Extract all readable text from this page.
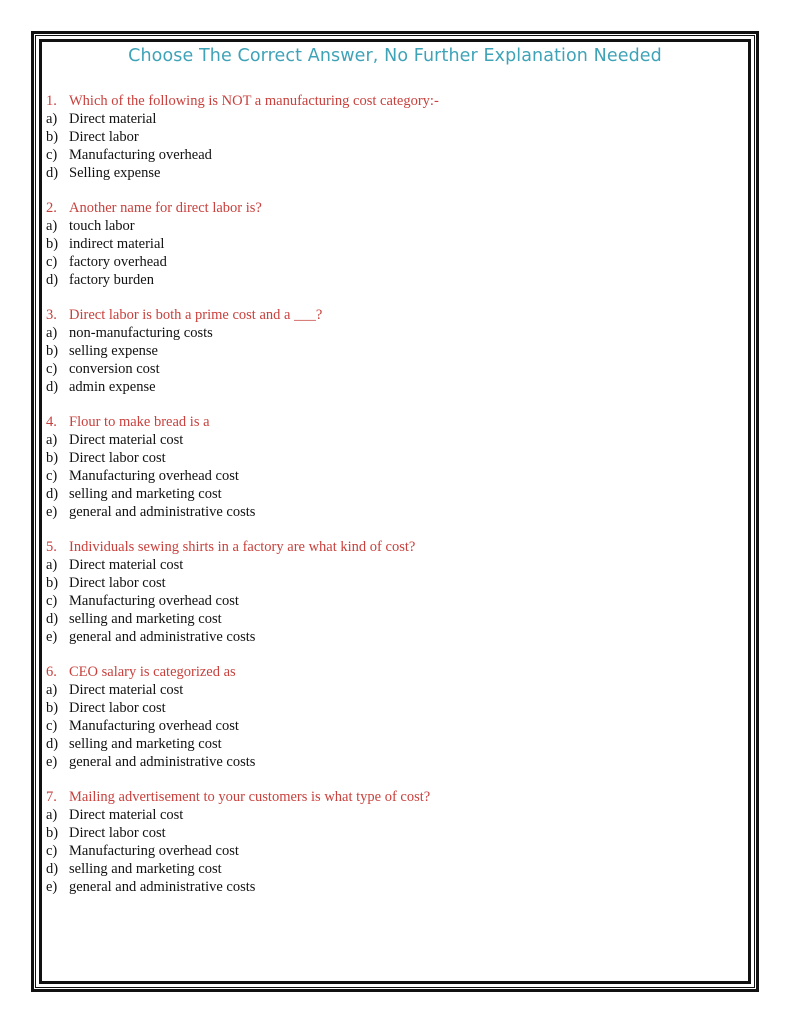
Choose The Correct Answer, No Further Explanation Needed
1. Which of the following is NOT a manufacturing cost category:-
a) Direct material
b) Direct labor
c) Manufacturing overhead
d) Selling expense
2. Another name for direct labor is?
a) touch labor
b) indirect material
c) factory overhead
d) factory burden
3. Direct labor is both a prime cost and a ___?
a) non-manufacturing costs
b) selling expense
c) conversion cost
d) admin expense
4. Flour to make bread is a
a) Direct material cost
b) Direct labor cost
c) Manufacturing overhead cost
d) selling and marketing cost
e) general and administrative costs
5. Individuals sewing shirts in a factory are what kind of cost?
a) Direct material cost
b) Direct labor cost
c) Manufacturing overhead cost
d) selling and marketing cost
e) general and administrative costs
6. CEO salary is categorized as
a) Direct material cost
b) Direct labor cost
c) Manufacturing overhead cost
d) selling and marketing cost
e) general and administrative costs
7. Mailing advertisement to your customers is what type of cost?
a) Direct material cost
b) Direct labor cost
c) Manufacturing overhead cost
d) selling and marketing cost
e) general and administrative costs
